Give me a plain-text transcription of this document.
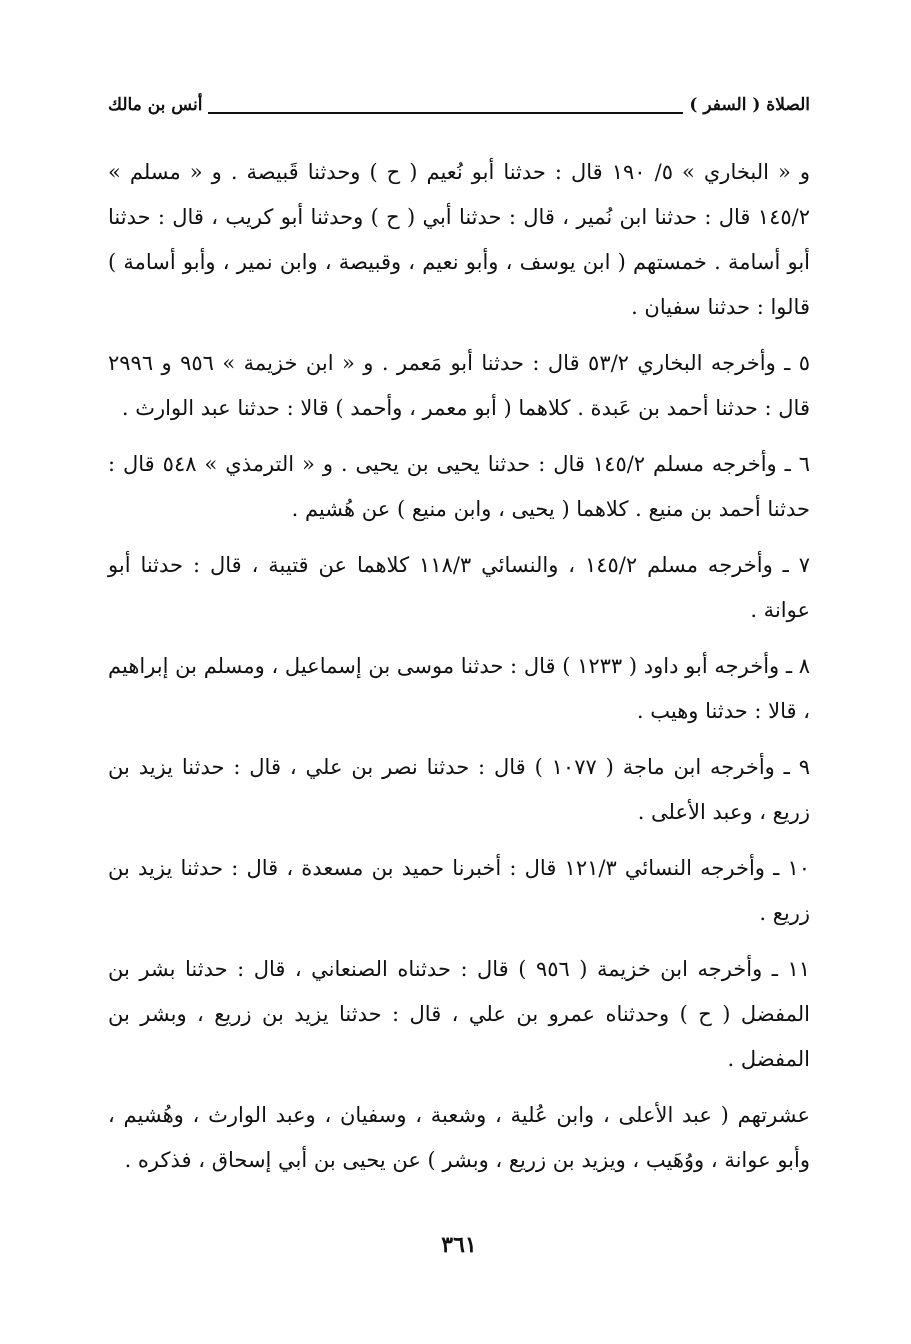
الصلاة ( السفر )
أنس بن مالك

و « البخاري » ٥/ ١٩٠ قال : حدثنا أبو نُعيم ( ح ) وحدثنا قَبيصة . و « مسلم » ١٤٥/٢ قال : حدثنا ابن نُمير ، قال : حدثنا أبي ( ح ) وحدثنا أبو كريب ، قال : حدثنا أبو أسامة . خمستهم ( ابن يوسف ، وأبو نعيم ، وقبيصة ، وابن نمير ، وأبو أسامة ) قالوا : حدثنا سفيان .

٥ ـ وأخرجه البخاري ٥٣/٢ قال : حدثنا أبو مَعمر . و « ابن خزيمة » ٩٥٦ و ٢٩٩٦ قال : حدثنا أحمد بن عَبدة . كلاهما ( أبو معمر ، وأحمد ) قالا : حدثنا عبد الوارث .

٦ ـ وأخرجه مسلم ١٤٥/٢ قال : حدثنا يحيى بن يحيى . و « الترمذي » ٥٤٨ قال : حدثنا أحمد بن منيع . كلاهما ( يحيى ، وابن منيع ) عن هُشيم .

٧ ـ وأخرجه مسلم ١٤٥/٢ ، والنسائي ١١٨/٣ كلاهما عن قتيبة ، قال : حدثنا أبو عوانة .

٨ ـ وأخرجه أبو داود ( ١٢٣٣ ) قال : حدثنا موسى بن إسماعيل ، ومسلم بن إبراهيم ، قالا : حدثنا وهيب .

٩ ـ وأخرجه ابن ماجة ( ١٠٧٧ ) قال : حدثنا نصر بن علي ، قال : حدثنا يزيد بن زريع ، وعبد الأعلى .

١٠ ـ وأخرجه النسائي ١٢١/٣ قال : أخبرنا حميد بن مسعدة ، قال : حدثنا يزيد بن زريع .

١١ ـ وأخرجه ابن خزيمة ( ٩٥٦ ) قال : حدثناه الصنعاني ، قال : حدثنا بشر بن المفضل ( ح ) وحدثناه عمرو بن علي ، قال : حدثنا يزيد بن زريع ، وبشر بن المفضل .

عشرتهم ( عبد الأعلى ، وابن عُلية ، وشعبة ، وسفيان ، وعبد الوارث ، وهُشيم ، وأبو عوانة ، ووُهَيب ، ويزيد بن زريع ، وبشر ) عن يحيى بن أبي إسحاق ، فذكره .

٣٦١
